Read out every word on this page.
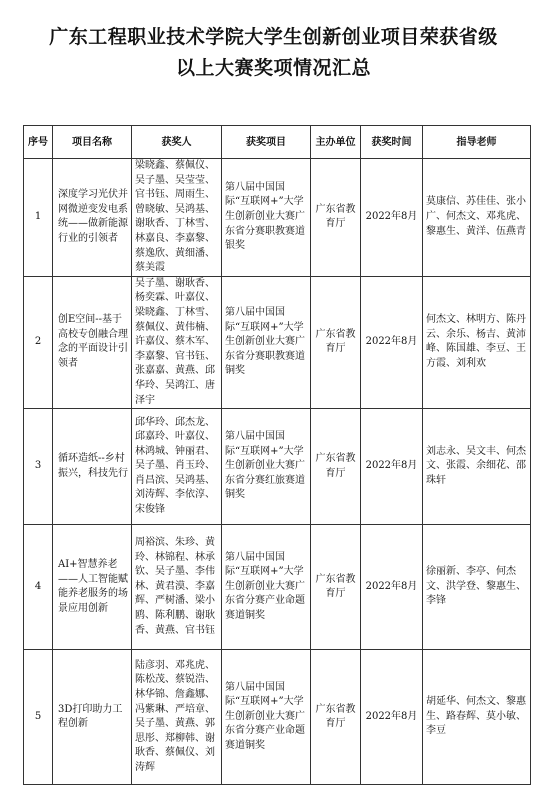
广东工程职业技术学院大学生创新创业项目荣获省级
以上大赛奖项情况汇总
序号	项目名称	获奖人	获奖项目	主办单位	获奖时间	指导老师
1	深度学习光伏并网微逆变发电系统——做新能源行业的引领者	梁晓鑫、蔡佩仪、吴子墨、吴莹莹、官书钰、周雨生、曾晓敏、吴鸿基、谢耿香、丁林雪、林嘉良、李嘉黎、蔡逸欣、黄细潘、蔡美霞	第八届中国国际“互联网+”大学生创新创业大赛广东省分赛职教赛道银奖	广东省教育厅	2022年8月	莫康信、苏佳佳、张小广、何杰文、邓兆虎、黎惠生、黄洋、伍燕青
2	创E空间--基于高校专创融合理念的平面设计引领者	吴子墨、谢耿香、杨奕霖、叶嘉仪、梁晓鑫、丁林雪、蔡佩仪、黄伟楠、许嘉仪、蔡木军、李嘉黎、官书钰、张嘉嘉、黄燕、邱华玲、吴鸿江、唐泽宇	第八届中国国际“互联网+”大学生创新创业大赛广东省分赛职教赛道铜奖	广东省教育厅	2022年8月	何杰文、林明方、陈丹云、余乐、杨吉、黄沛峰、陈国雄、李豆、王方霞、刘利欢
3	循环造纸--乡村振兴，科技先行	邱华玲、邱杰龙、邱嘉玲、叶嘉仪、林鸿城、钟丽君、吴子墨、肖玉玲、肖昌滨、吴鸿基、刘涛辉、李依淳、宋俊锋	第八届中国国际“互联网+”大学生创新创业大赛广东省分赛红旅赛道铜奖	广东省教育厅	2022年8月	刘志永、吴文丰、何杰文、张霞、余细花、邵珠轩
4	AI+智慧养老——人工智能赋能养老服务的场景应用创新	周裕滨、朱珍、黄玲、林锦程、林承钦、吴子墨、李伟林、黄君漠、李嘉辉、严树潘、梁小鸥、陈利鹏、谢耿香、黄燕、官书钰	第八届中国国际“互联网+”大学生创新创业大赛广东省分赛产业命题赛道铜奖	广东省教育厅	2022年8月	徐丽新、李亭、何杰文、洪学登、黎惠生、李锋
5	3D打印助力工程创新	陆彦羽、邓兆虎、陈松茂、蔡锐浩、林华锦、詹鑫娜、冯紫琳、严培章、吴子墨、黄燕、郭思彤、郑柳韩、谢耿香、蔡佩仪、刘涛辉	第八届中国国际“互联网+”大学生创新创业大赛广东省分赛产业命题赛道铜奖	广东省教育厅	2022年8月	胡延华、何杰文、黎惠生、路春辉、莫小敏、李豆
